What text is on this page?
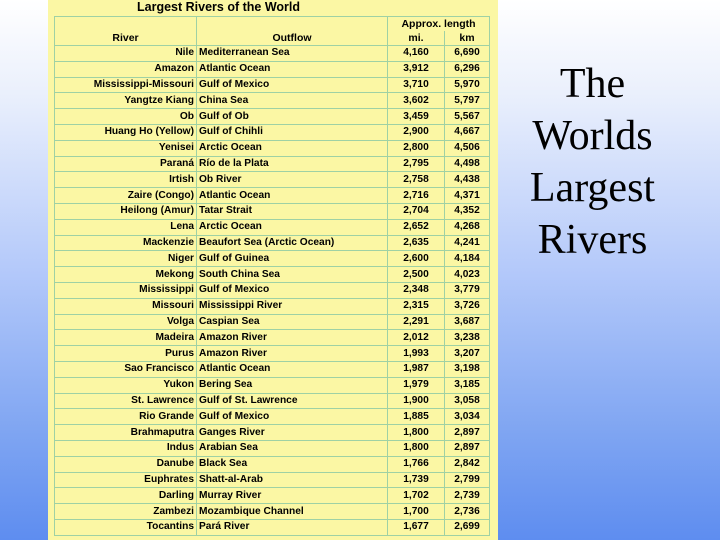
Largest Rivers of the World
		Approx. length	
River	Outflow	mi.	km
Nile	Mediterranean Sea	4,160	6,690
Amazon	Atlantic Ocean	3,912	6,296
Mississippi-Missouri	Gulf of Mexico	3,710	5,970
Yangtze Kiang	China Sea	3,602	5,797
Ob	Gulf of Ob	3,459	5,567
Huang Ho (Yellow)	Gulf of Chihli	2,900	4,667
Yenisei	Arctic Ocean	2,800	4,506
Paraná	Río de la Plata	2,795	4,498
Irtish	Ob River	2,758	4,438
Zaire (Congo)	Atlantic Ocean	2,716	4,371
Heilong (Amur)	Tatar Strait	2,704	4,352
Lena	Arctic Ocean	2,652	4,268
Mackenzie	Beaufort Sea (Arctic Ocean)	2,635	4,241
Niger	Gulf of Guinea	2,600	4,184
Mekong	South China Sea	2,500	4,023
Mississippi	Gulf of Mexico	2,348	3,779
Missouri	Mississippi River	2,315	3,726
Volga	Caspian Sea	2,291	3,687
Madeira	Amazon River	2,012	3,238
Purus	Amazon River	1,993	3,207
Sao Francisco	Atlantic Ocean	1,987	3,198
Yukon	Bering Sea	1,979	3,185
St. Lawrence	Gulf of St. Lawrence	1,900	3,058
Rio Grande	Gulf of Mexico	1,885	3,034
Brahmaputra	Ganges River	1,800	2,897
Indus	Arabian Sea	1,800	2,897
Danube	Black Sea	1,766	2,842
Euphrates	Shatt-al-Arab	1,739	2,799
Darling	Murray River	1,702	2,739
Zambezi	Mozambique Channel	1,700	2,736
Tocantins	Pará River	1,677	2,699
The
Worlds
Largest
Rivers
